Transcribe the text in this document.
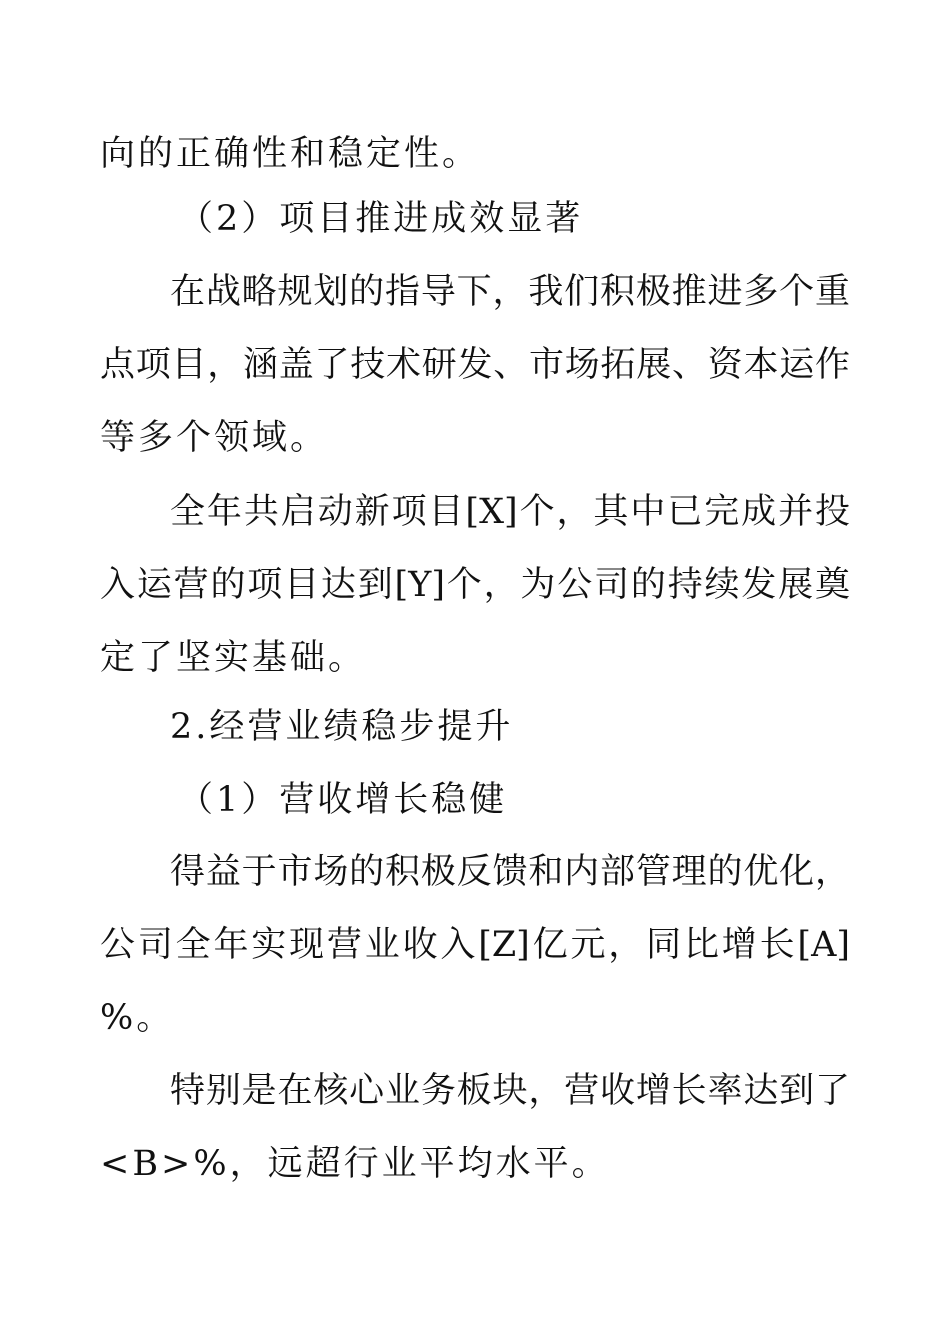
向的正确性和稳定性。
（2）项目推进成效显著
在战略规划的指导下，我们积极推进多个重
点项目，涵盖了技术研发、市场拓展、资本运作
等多个领域。
全年共启动新项目[X]个，其中已完成并投
入运营的项目达到[Y]个，为公司的持续发展奠
定了坚实基础。
2.经营业绩稳步提升
（1）营收增长稳健
得益于市场的积极反馈和内部管理的优化，
公司全年实现营业收入[Z]亿元，同比增长[A]
%。
特别是在核心业务板块，营收增长率达到了
<B>%，远超行业平均水平。
